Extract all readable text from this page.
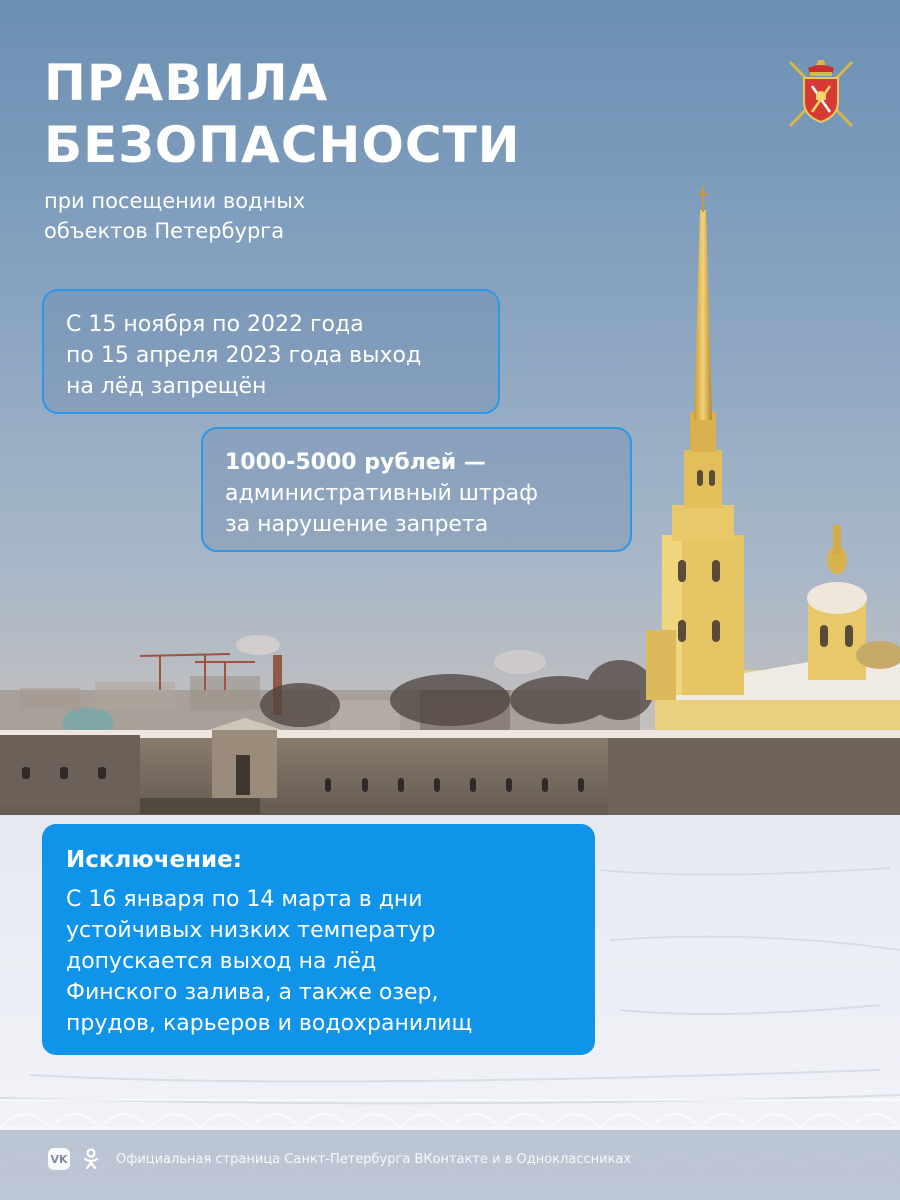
ПРАВИЛА
БЕЗОПАСНОСТИ
при посещении водных
объектов Петербурга
С 15 ноября по 2022 года
по 15 апреля 2023 года выход
на лёд запрещён
1000-5000 рублей —
административный штраф
за нарушение запрета
Исключение:
С 16 января по 14 марта в дни
устойчивых низких температур
допускается выход на лёд
Финского залива, а также озер,
прудов, карьеров и водохранилищ
VK	Официальная страница Санкт-Петербурга ВКонтакте и в Одноклассниках
